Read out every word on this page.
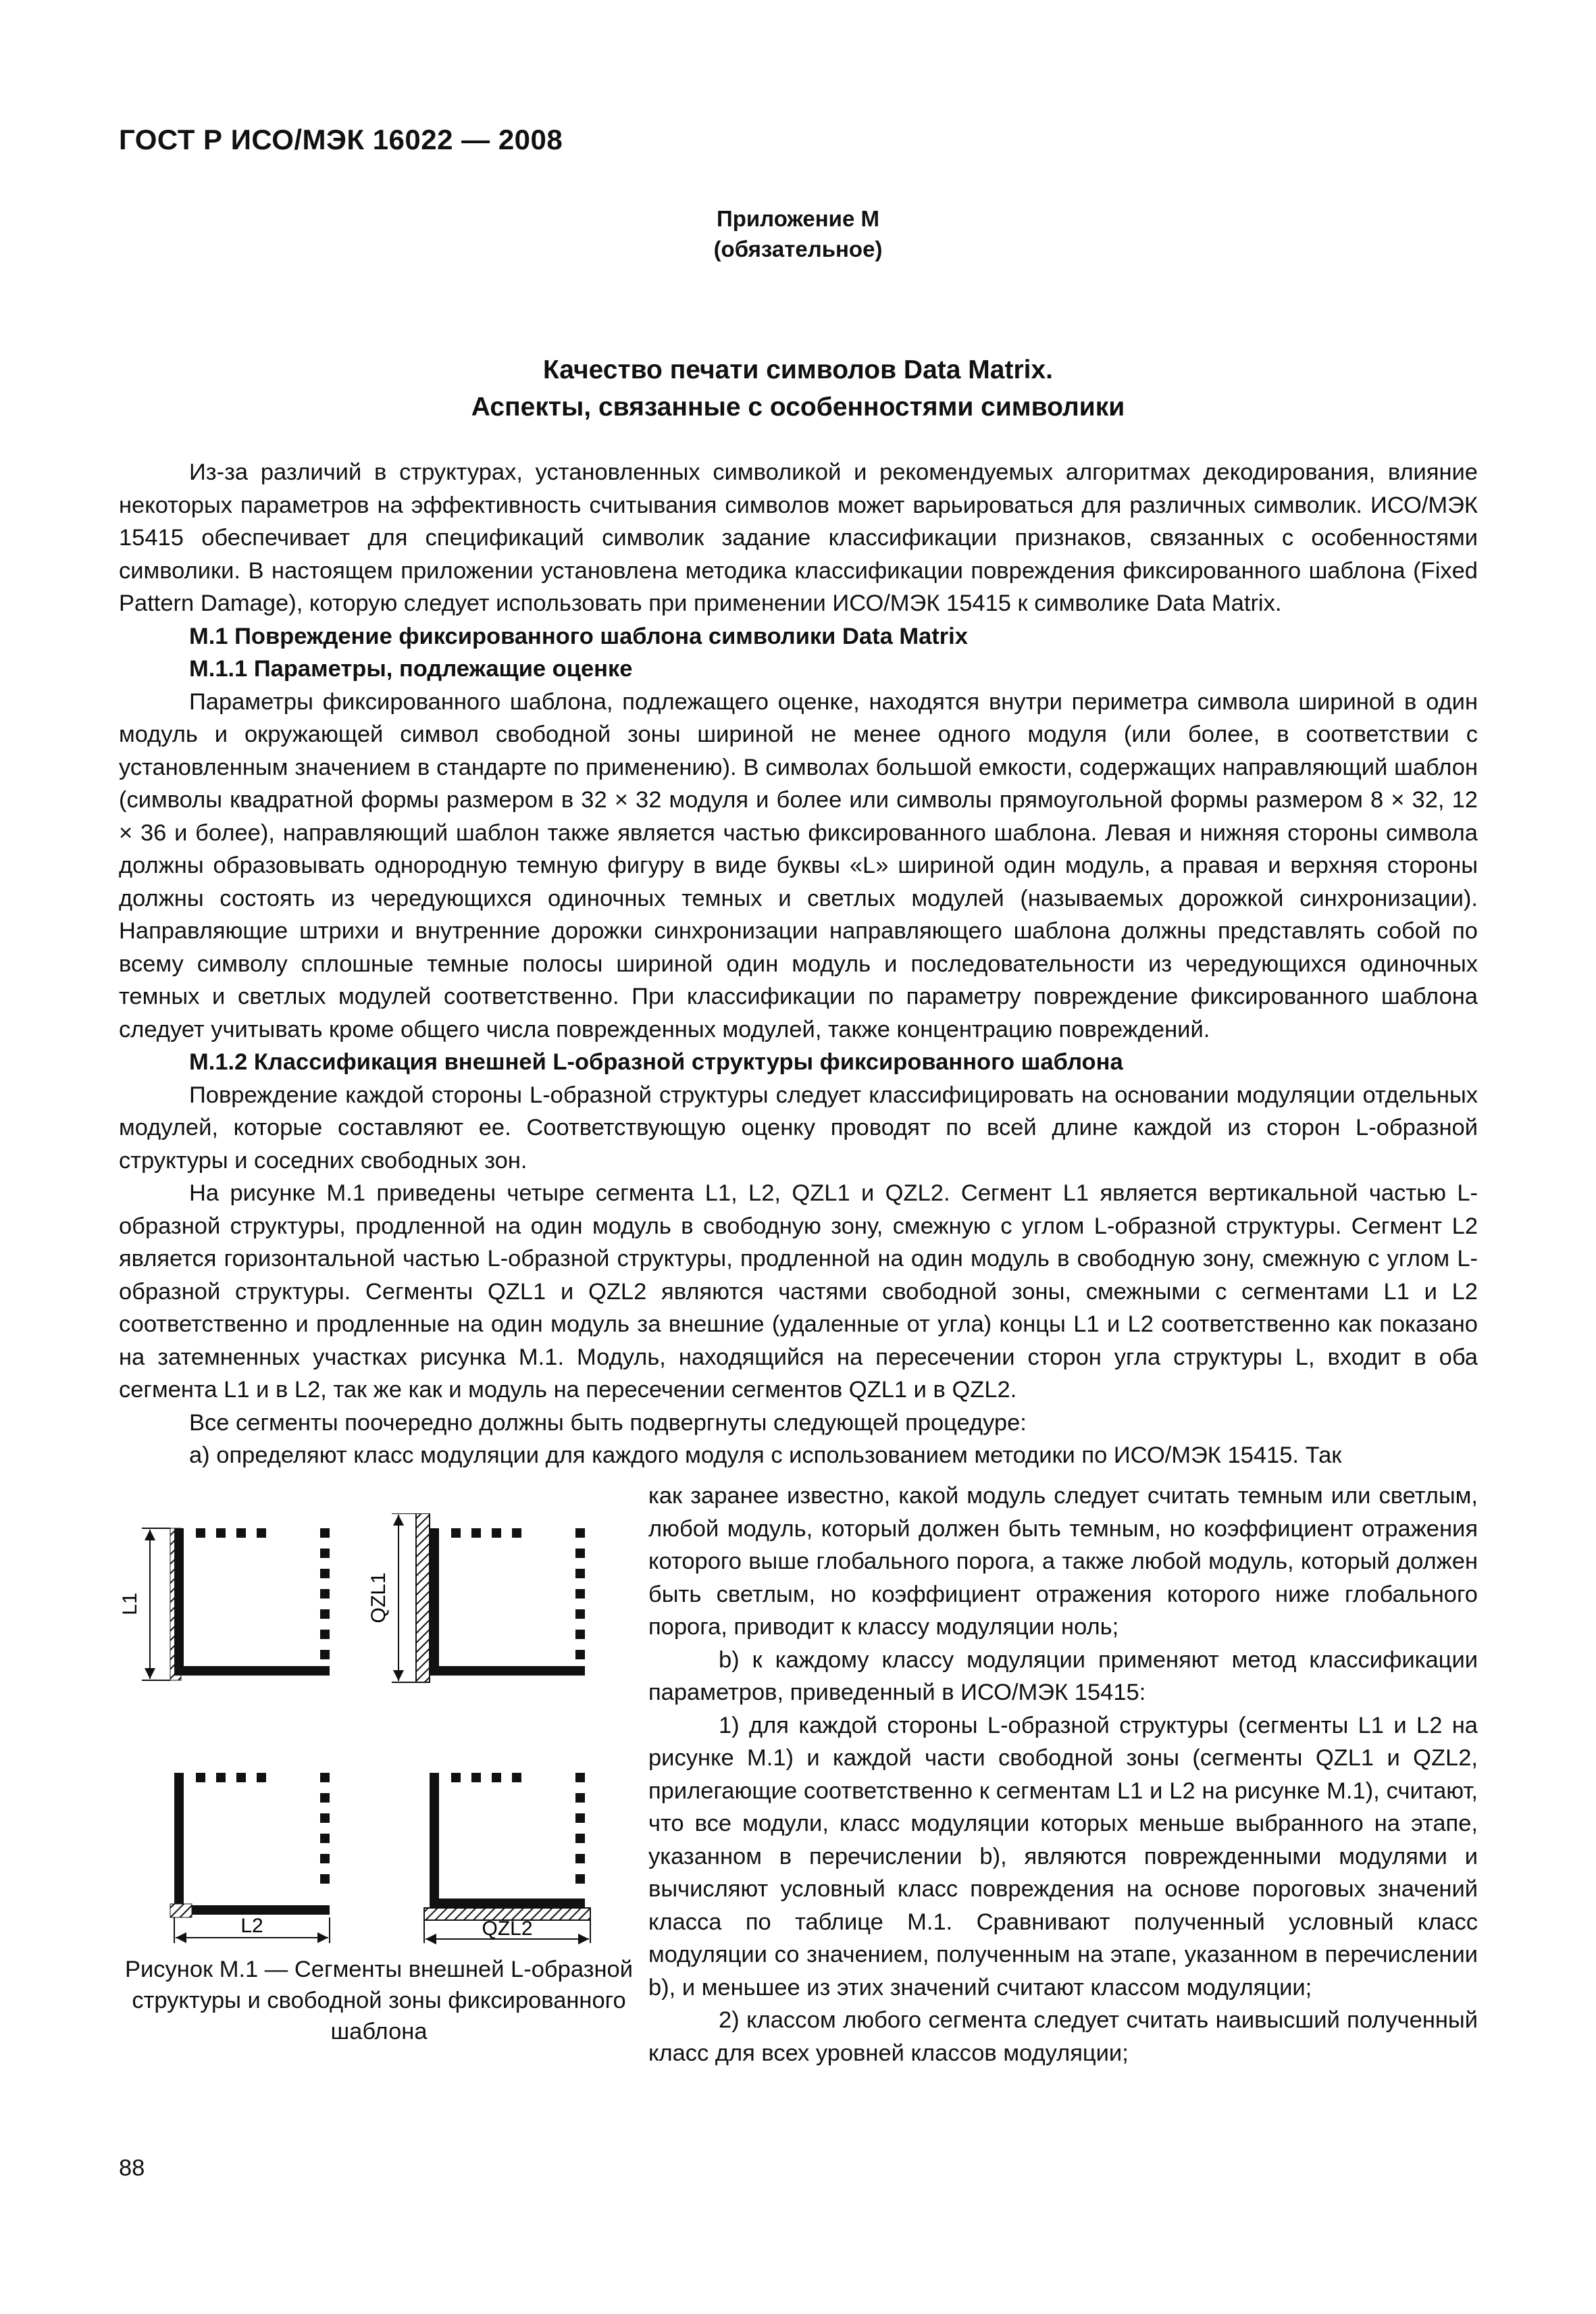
ГОСТ Р ИСО/МЭК 16022 — 2008
Приложение М
(обязательное)
Качество печати символов Data Matrix.
Аспекты, связанные с особенностями символики

Из-за различий в структурах, установленных символикой и рекомендуемых алгоритмах декодирования, влияние некоторых параметров на эффективность считывания символов может варьироваться для различных символик. ИСО/МЭК 15415 обеспечивает для спецификаций символик задание классификации признаков, связанных с особенностями символики. В настоящем приложении установлена методика классификации повреждения фиксированного шаблона (Fixed Pattern Damage), которую следует использовать при применении ИСО/МЭК 15415 к символике Data Matrix.

М.1 Повреждение фиксированного шаблона символики Data Matrix
М.1.1 Параметры, подлежащие оценке

Параметры фиксированного шаблона, подлежащего оценке, находятся внутри периметра символа шириной в один модуль и окружающей символ свободной зоны шириной не менее одного модуля (или более, в соответствии с установленным значением в стандарте по применению). В символах большой емкости, содержащих направляющий шаблон (символы квадратной формы размером в 32 × 32 модуля и более или символы прямоугольной формы размером 8 × 32, 12 × 36 и более), направляющий шаблон также является частью фиксированного шаблона. Левая и нижняя стороны символа должны образовывать однородную темную фигуру в виде буквы «L» шириной один модуль, а правая и верхняя стороны должны состоять из чередующихся одиночных темных и светлых модулей (называемых дорожкой синхронизации). Направляющие штрихи и внутренние дорожки синхронизации направляющего шаблона должны представлять собой по всему символу сплошные темные полосы шириной один модуль и последовательности из чередующихся одиночных темных и светлых модулей соответственно. При классификации по параметру повреждение фиксированного шаблона следует учитывать кроме общего числа поврежденных модулей, также концентрацию повреждений.

М.1.2 Классификация внешней L-образной структуры фиксированного шаблона

Повреждение каждой стороны L-образной структуры следует классифицировать на основании модуляции отдельных модулей, которые составляют ее. Соответствующую оценку проводят по всей длине каждой из сторон L-образной структуры и соседних свободных зон.

На рисунке М.1 приведены четыре сегмента L1, L2, QZL1 и QZL2. Сегмент L1 является вертикальной частью L-образной структуры, продленной на один модуль в свободную зону, смежную с углом L-образной структуры. Сегмент L2 является горизонтальной частью L-образной структуры, продленной на один модуль в свободную зону, смежную с углом L-образной структуры. Сегменты QZL1 и QZL2 являются частями свободной зоны, смежными с сегментами L1 и L2 соответственно и продленные на один модуль за внешние (удаленные от угла) концы L1 и L2 соответственно как показано на затемненных участках рисунка М.1. Модуль, находящийся на пересечении сторон угла структуры L, входит в оба сегмента L1 и в L2, так же как и модуль на пересечении сегментов QZL1 и в QZL2.

Все сегменты поочередно должны быть подвергнуты следующей процедуре:

а) определяют класс модуляции для каждого модуля с использованием методики по ИСО/МЭК 15415. Так

как заранее известно, какой модуль следует считать темным или светлым, любой модуль, который должен быть темным, но коэффициент отражения которого выше глобального порога, а также любой модуль, который должен быть светлым, но коэффициент отражения которого ниже глобального порога, приводит к классу модуляции ноль;

b) к каждому классу модуляции применяют метод классификации параметров, приведенный в ИСО/МЭК 15415:

1) для каждой стороны L-образной структуры (сегменты L1 и L2 на рисунке М.1) и каждой части свободной зоны (сегменты QZL1 и QZL2, прилегающие соответственно к сегментам L1 и L2 на рисунке М.1), считают, что все модули, класс модуляции которых меньше выбранного на этапе, указанном в перечислении b), являются поврежденными модулями и вычисляют условный класс повреждения на основе пороговых значений класса по таблице М.1. Сравнивают полученный условный класс модуляции со значением, полученным на этапе, указанном в перечислении b), и меньшее из этих значений считают классом модуляции;

2) классом любого сегмента следует считать наивысший полученный класс для всех уровней классов модуляции;

L1	QZL1
L2	QZL2
Рисунок М.1 — Сегменты внешней L-образной структуры и свободной зоны фиксированного шаблона
88
